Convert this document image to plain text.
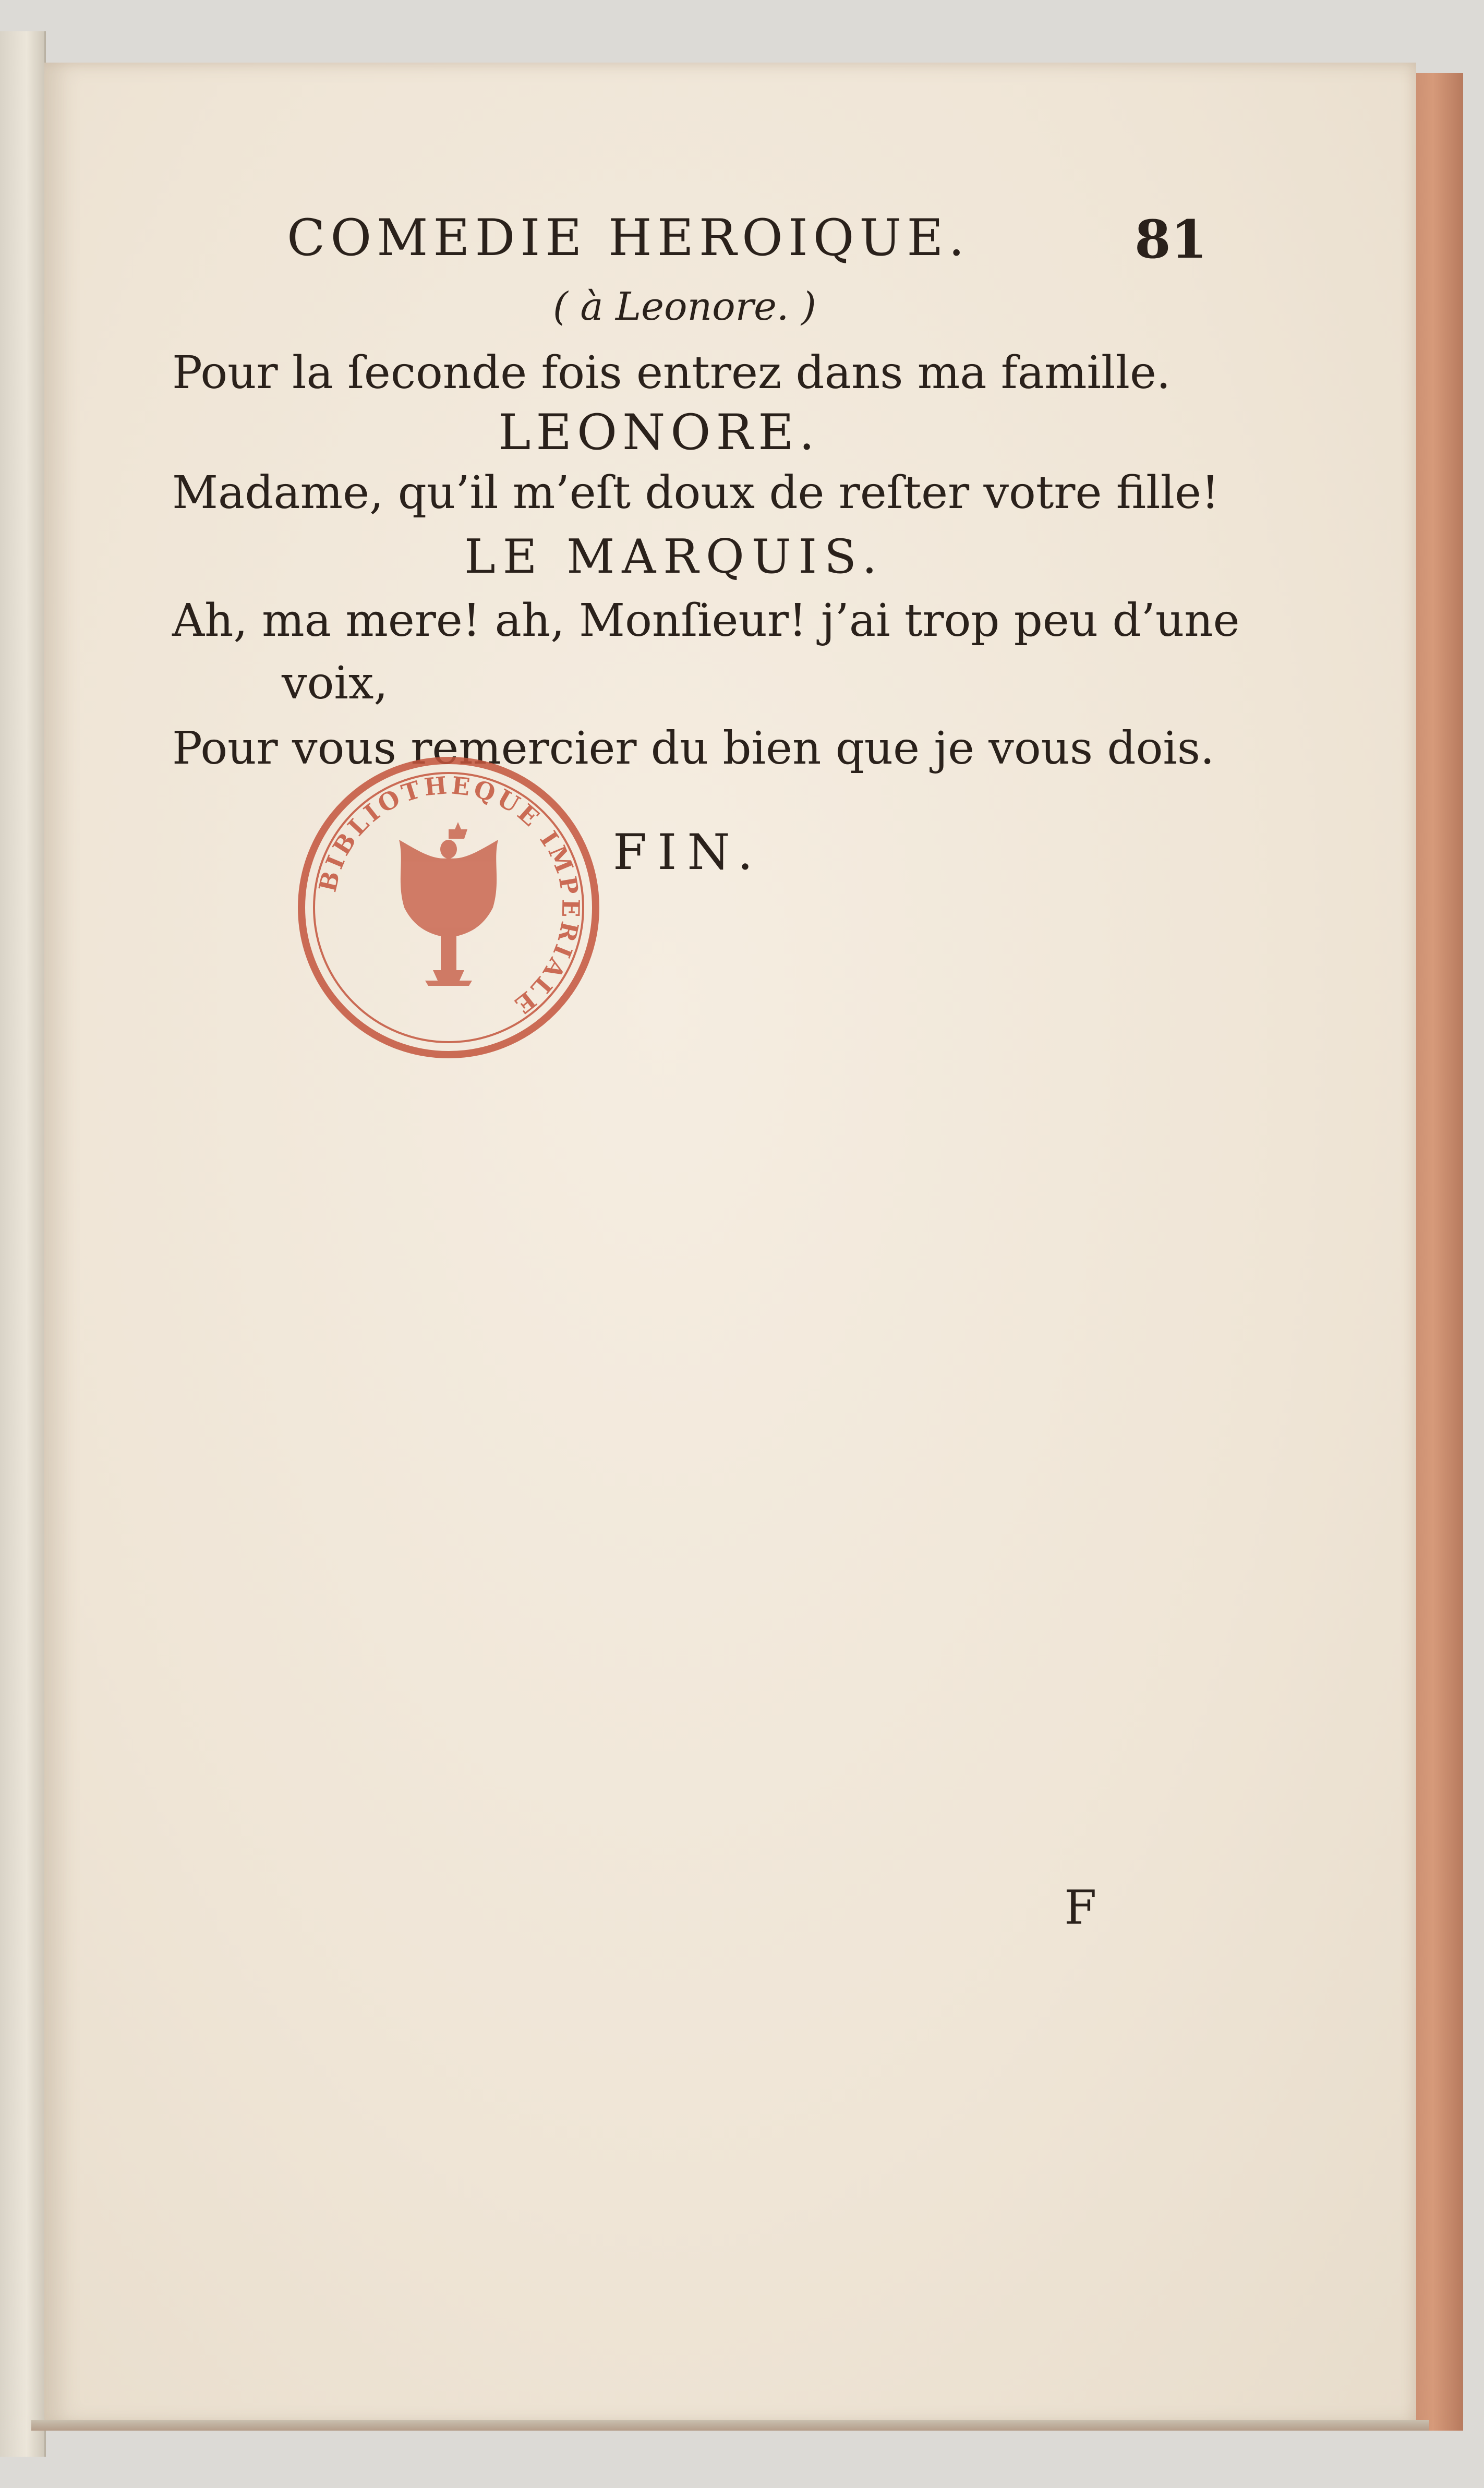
COMEDIE HEROIQUE.	81
( à Leonore. )
Pour la ſeconde fois entrez dans ma famille.
LEONORE.
Madame, qu’il m’eſt doux de reſter votre fille!
LE MARQUIS.
Ah, ma mere! ah, Monſieur! j’ai trop peu d’une
voix,
Pour vous remercier du bien que je vous dois.
FIN.
F
BIBLIOTHEQUE IMPERIALE
